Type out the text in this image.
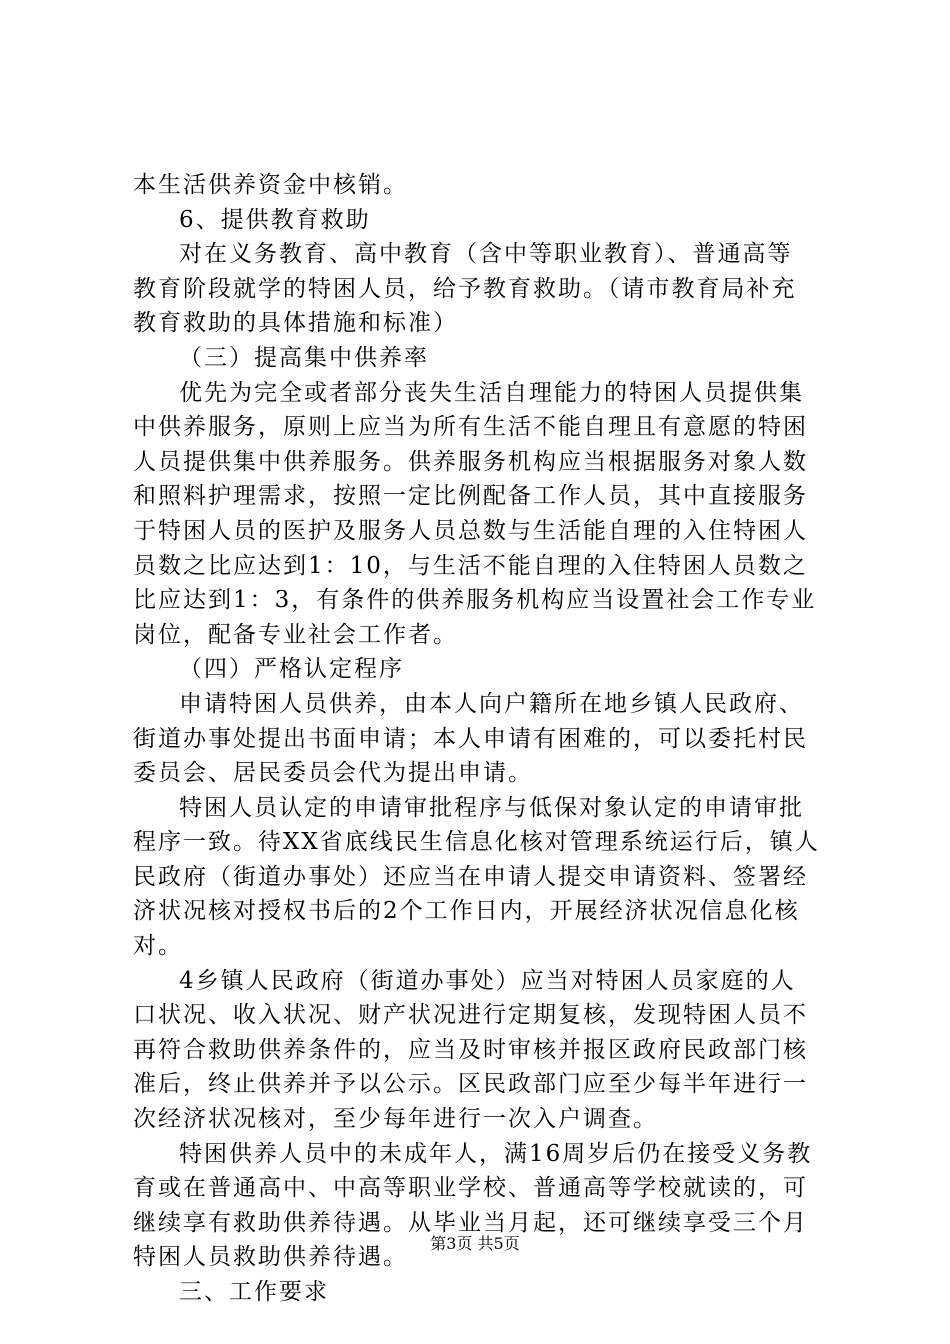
本生活供养资金中核销。
6、提供教育救助
对在义务教育、高中教育（含中等职业教育）、普通高等
教育阶段就学的特困人员，给予教育救助。（请市教育局补充
教育救助的具体措施和标准）
（三）提高集中供养率
优先为完全或者部分丧失生活自理能力的特困人员提供集
中供养服务，原则上应当为所有生活不能自理且有意愿的特困
人员提供集中供养服务。供养服务机构应当根据服务对象人数
和照料护理需求，按照一定比例配备工作人员，其中直接服务
于特困人员的医护及服务人员总数与生活能自理的入住特困人
员数之比应达到1：10，与生活不能自理的入住特困人员数之
比应达到1：3，有条件的供养服务机构应当设置社会工作专业
岗位，配备专业社会工作者。
（四）严格认定程序
申请特困人员供养，由本人向户籍所在地乡镇人民政府、
街道办事处提出书面申请；本人申请有困难的，可以委托村民
委员会、居民委员会代为提出申请。
特困人员认定的申请审批程序与低保对象认定的申请审批
程序一致。待XX省底线民生信息化核对管理系统运行后，镇人
民政府（街道办事处）还应当在申请人提交申请资料、签署经
济状况核对授权书后的2个工作日内，开展经济状况信息化核
对。
4乡镇人民政府（街道办事处）应当对特困人员家庭的人
口状况、收入状况、财产状况进行定期复核，发现特困人员不
再符合救助供养条件的，应当及时审核并报区政府民政部门核
准后，终止供养并予以公示。区民政部门应至少每半年进行一
次经济状况核对，至少每年进行一次入户调查。
特困供养人员中的未成年人，满16周岁后仍在接受义务教
育或在普通高中、中高等职业学校、普通高等学校就读的，可
继续享有救助供养待遇。从毕业当月起，还可继续享受三个月
特困人员救助供养待遇。
三、工作要求
第3页 共5页
